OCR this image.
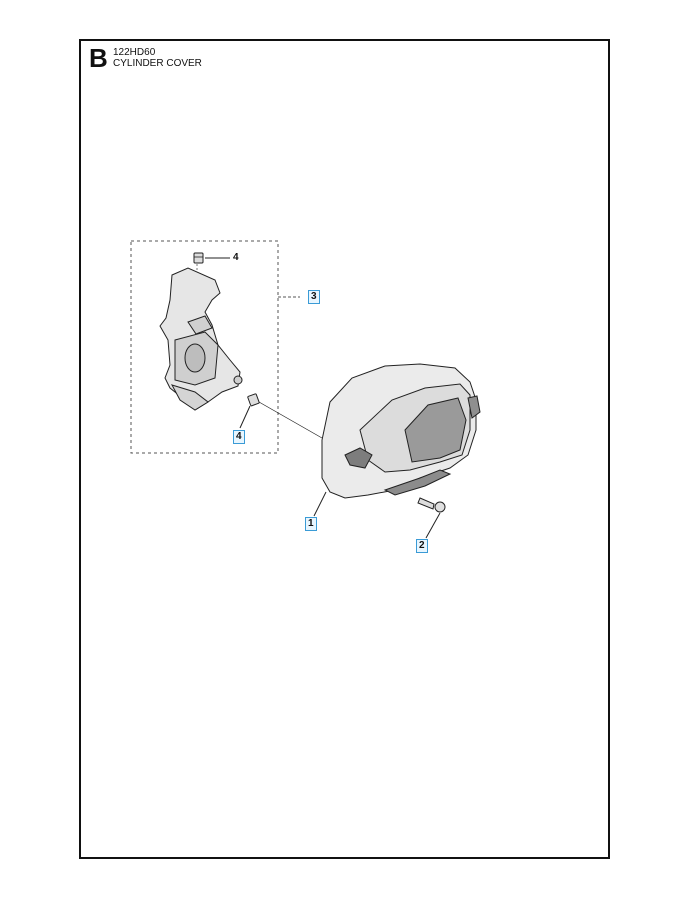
B 122HD60
CYLINDER COVER
4
3
4
1
2
